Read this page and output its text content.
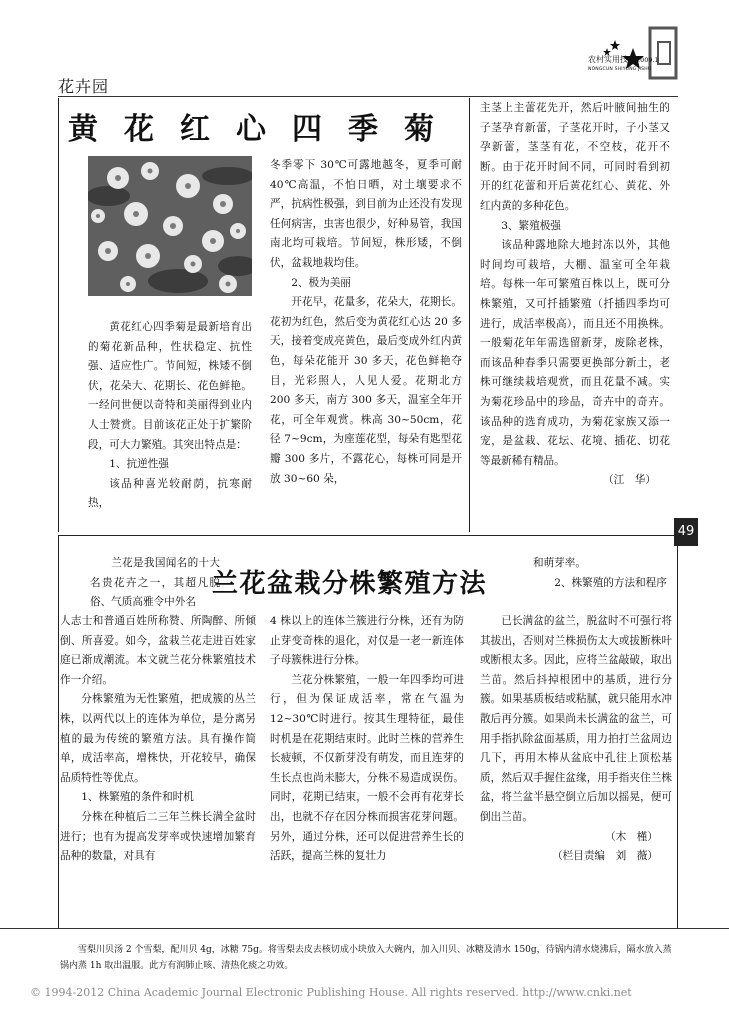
农村实用技术
NONGCUN SHIYONG JISHU
2009.1
花卉园
黄花红心四季菊

黄花红心四季菊是最新培育出的菊花新品种，性状稳定、抗性强、适应性广。节间短，株矮不倒伏，花朵大、花期长、花色鲜艳。一经问世便以奇特和美丽得到业内人士赞赏。目前该花正处于扩繁阶段，可大力繁殖。其突出特点是：

1、抗逆性强

该品种喜光较耐荫，抗寒耐热，

冬季零下 30℃可露地越冬，夏季可耐 40℃高温，不怕日晒，对土壤要求不严，抗病性极强，到目前为止还没有发现任何病害，虫害也很少，好种易管，我国南北均可栽培。节间短，株形矮，不倒伏，盆栽地栽均佳。

2、极为美丽

开花早，花量多，花朵大，花期长。花初为红色，然后变为黄花红心达 20 多天，接着变成亮黄色，最后变成外红内黄色，每朵花能开 30 多天，花色鲜艳夺目，光彩照人，人见人爱。花期北方 200 多天，南方 300 多天，温室全年开花，可全年观赏。株高 30~50cm，花径 7~9cm，为座莲花型，每朵有匙型花瓣 300 多片，不露花心，每株可同是开放 30~60 朵，

主茎上主蕾花先开，然后叶腋间抽生的子茎孕育新蕾，子茎花开时，子小茎又孕新蕾，茎茎有花，不空枝，花开不断。由于花开时间不同，可同时看到初开的红花蕾和开后黄花红心、黄花、外红内黄的多种花色。

3、繁殖极强

该品种露地除大地封冻以外，其他时间均可栽培，大棚、温室可全年栽培。每株一年可繁殖百株以上，既可分株繁殖，又可扦插繁殖（扦插四季均可进行，成活率极高），而且还不用换株。一般菊花年年需选留新芽，废除老株，而该品种春季只需要更换部分新土，老株可继续栽培观赏，而且花量不减。实为菊花珍品中的珍品，奇卉中的奇卉。该品种的选育成功，为菊花家族又添一宠，是盆栽、花坛、花境、插花、切花等最新稀有精品。

（江　华）

49
兰花盆栽分株繁殖方法

兰花是我国闻名的十大名贵花卉之一，其超凡脱俗、气质高雅令中外名

人志士和普通百姓所称赞、所陶醉、所倾倒、所喜爱。如今，盆栽兰花走进百姓家庭已渐成潮流。本文就兰花分株繁殖技术作一介绍。

分株繁殖为无性繁殖，把成簇的丛兰株，以两代以上的连体为单位，是分离另植的最为传统的繁殖方法。具有操作简单，成活率高，增株快，开花较早，确保品质特性等优点。

1、株繁殖的条件和时机

分株在种植后二三年兰株长满全盆时进行；也有为提高发芽率或快速增加繁育品种的数量，对具有

4 株以上的连体兰簇进行分株，还有为防止芽变奇株的退化，对仅是一老一新连体子母簇株进行分株。

兰花分株繁殖，一般一年四季均可进行，但为保证成活率，常在气温为 12~30℃时进行。按其生理特征，最佳时机是在花期结束时。此时兰株的营养生长疲顿，不仅新芽没有萌发，而且连芽的生长点也尚未膨大，分株不易造成误伤。同时，花期已结束，一般不会再有花芽长出，也就不存在因分株而损害花芽问题。另外，通过分株，还可以促进营养生长的活跃，提高兰株的复壮力

和萌芽率。

2、株繁殖的方法和程序

已长满盆的盆兰，脱盆时不可强行将其拔出，否则对兰株损伤太大或拔断株叶或断根太多。因此，应将兰盆敲破，取出兰苗。然后抖掉根团中的基质，进行分簇。如果基质板结或粘腻，就只能用水冲散后再分簇。如果尚未长满盆的盆兰，可用手指扒除盆面基质，用力拍打兰盆周边几下，再用木棒从盆底中孔往上顶松基质，然后双手握住盆缘，用手指夹住兰株盆，将兰盆半悬空倒立后加以摇晃，便可倒出兰苗。

（木　槿）

（栏目责编　刘　薇）

雪梨川贝汤 2 个雪梨，配川贝 4g，冰糖 75g。将雪梨去皮去核切成小块放入大碗内，加入川贝、冰糖及清水 150g，待锅内清水烧沸后，隔水放入蒸锅内蒸 1h 取出温服。此方有润肺止咳、清热化痰之功效。

© 1994-2012 China Academic Journal Electronic Publishing House. All rights reserved. http://www.cnki.net
